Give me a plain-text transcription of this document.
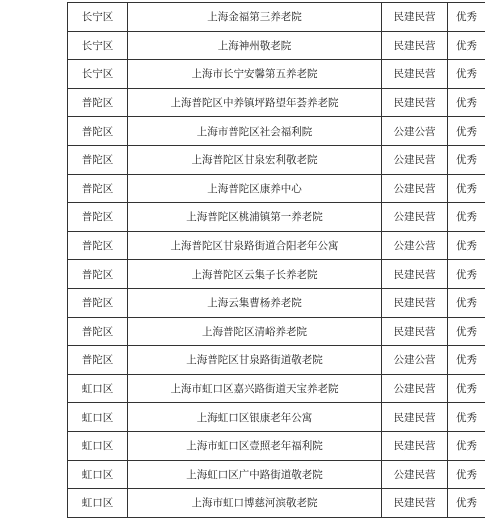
长宁区	上海金福第三养老院	民建民营	优秀
长宁区	上海神州敬老院	民建民营	优秀
长宁区	上海市长宁安馨第五养老院	民建民营	优秀
普陀区	上海普陀区中养镇坪路望年荟养老院	民建民营	优秀
普陀区	上海市普陀区社会福利院	公建公营	优秀
普陀区	上海普陀区甘泉宏利敬老院	公建民营	优秀
普陀区	上海普陀区康养中心	公建民营	优秀
普陀区	上海普陀区桃浦镇第一养老院	公建民营	优秀
普陀区	上海普陀区甘泉路街道合阳老年公寓	公建公营	优秀
普陀区	上海普陀区云集子长养老院	民建民营	优秀
普陀区	上海云集曹杨养老院	民建民营	优秀
普陀区	上海普陀区清峪养老院	民建民营	优秀
普陀区	上海普陀区甘泉路街道敬老院	公建公营	优秀
虹口区	上海市虹口区嘉兴路街道天宝养老院	公建民营	优秀
虹口区	上海虹口区银康老年公寓	民建民营	优秀
虹口区	上海市虹口区壹照老年福利院	民建民营	优秀
虹口区	上海虹口区广中路街道敬老院	公建民营	优秀
虹口区	上海市虹口博慈河滨敬老院	民建民营	优秀
